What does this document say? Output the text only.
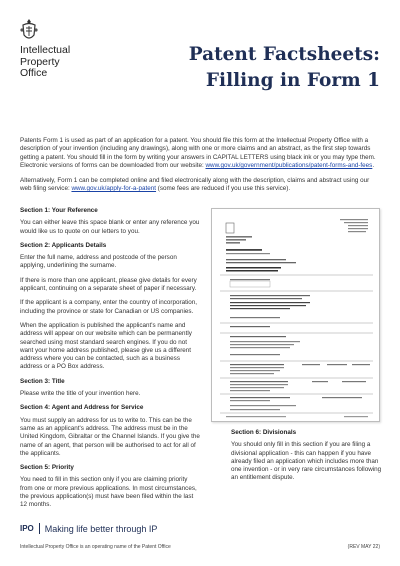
Intellectual
Property
Office
Patent Factsheets:
Filling in Form 1

Patents Form 1 is used as part of an application for a patent. You should file this form at the Intellectual Property Office with a description of your invention (including any drawings), along with one or more claims and an abstract, as the first step towards getting a patent. You should fill in the form by writing your answers in CAPITAL LETTERS using black ink or you may type them. Electronic versions of forms can be downloaded from our website: www.gov.uk/government/publications/patent-forms-and-fees.

Alternatively, Form 1 can be completed online and filed electronically along with the description, claims and abstract using our web filing service: www.gov.uk/apply-for-a-patent (some fees are reduced if you use this service).

Section 1: Your Reference

You can either leave this space blank or enter any reference you would like us to quote on our letters to you.

Section 2: Applicants Details

Enter the full name, address and postcode of the person applying, underlining the surname.

If there is more than one applicant, please give details for every applicant, continuing on a separate sheet of paper if necessary.

If the applicant is a company, enter the country of incorporation, including the province or state for Canadian or US companies.

When the application is published the applicant's name and address will appear on our website which can be permanently searched using most standard search engines. If you do not want your home address published, please give us a different address where you can be contacted, such as a business address or a PO Box address.

Section 3: Title

Please write the title of your invention here.

Section 4: Agent and Address for Service

You must supply an address for us to write to. This can be the same as an applicant's address. The address must be in the United Kingdom, Gibraltar or the Channel Islands. If you give the name of an agent, that person will be authorised to act for all of the applicants.

Section 5: Priority

You need to fill in this section only if you are claiming priority from one or more previous applications. In most circumstances, the previous application(s) must have been filed within the last 12 months.

Section 6: Divisionals

You should only fill in this section if you are filing a divisional application - this can happen if you have already filed an application which includes more than one invention - or in very rare circumstances following an entitlement dispute.

IPO Making life better through IP
Intellectual Property Office is an operating name of the Patent Office	(REV MAY 22)
